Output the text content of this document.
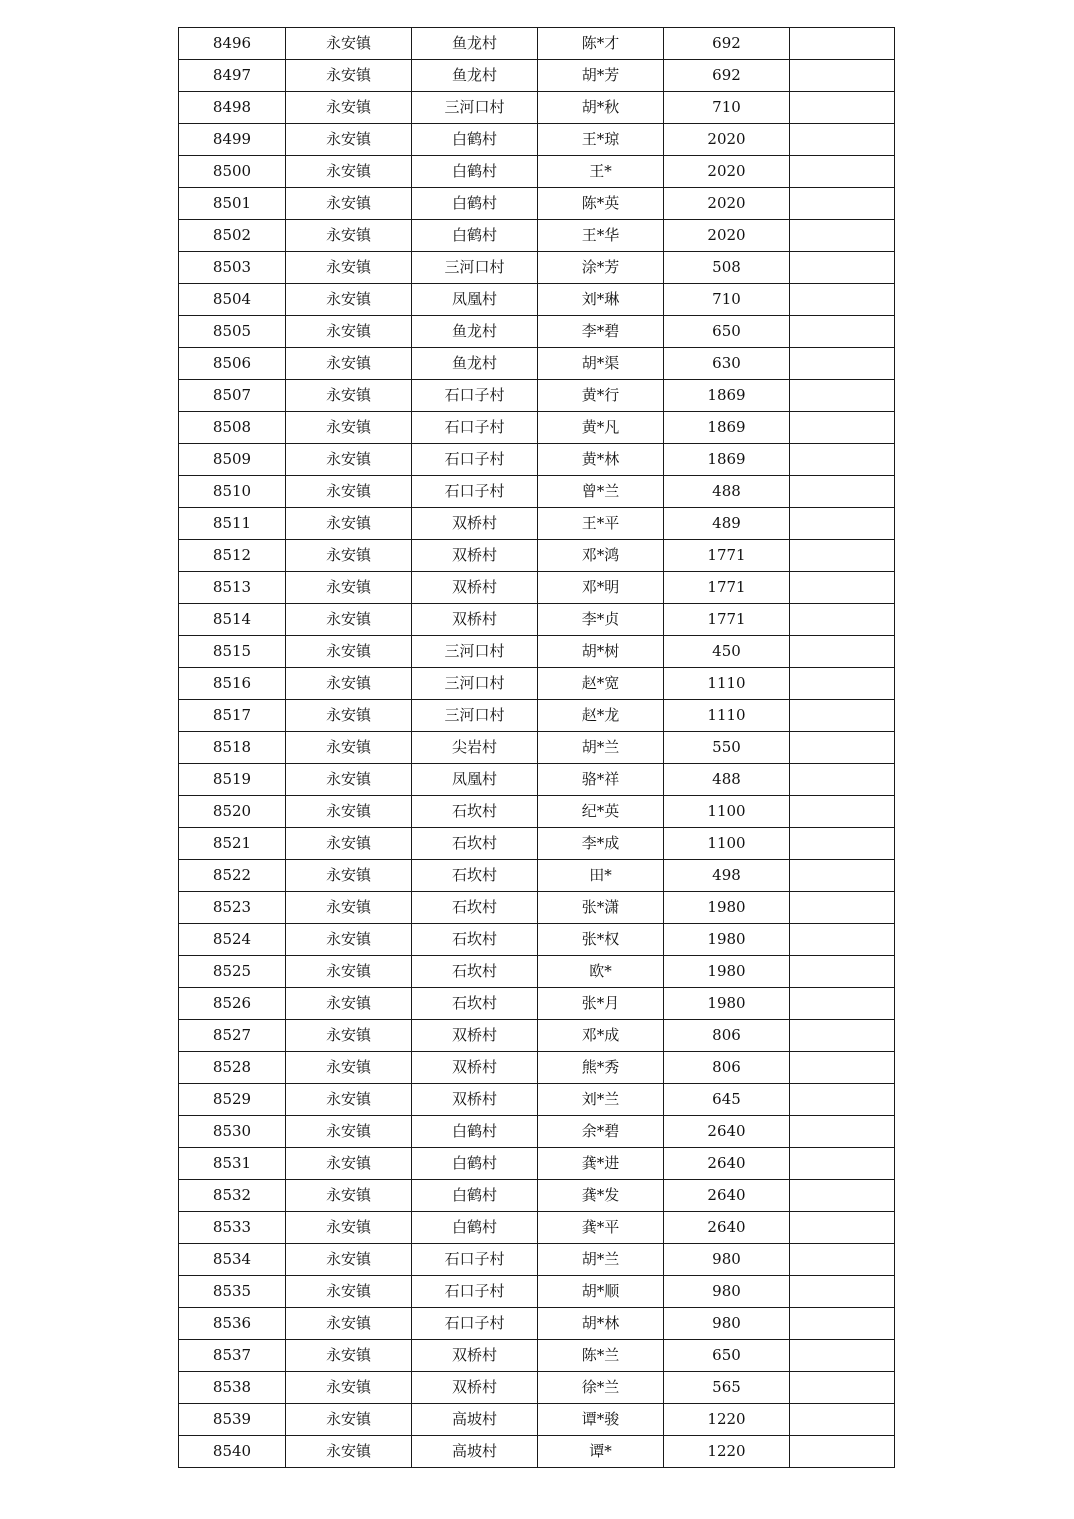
8496	永安镇	鱼龙村	陈*才	692	
8497	永安镇	鱼龙村	胡*芳	692	
8498	永安镇	三河口村	胡*秋	710	
8499	永安镇	白鹤村	王*琼	2020	
8500	永安镇	白鹤村	王*	2020	
8501	永安镇	白鹤村	陈*英	2020	
8502	永安镇	白鹤村	王*华	2020	
8503	永安镇	三河口村	涂*芳	508	
8504	永安镇	凤凰村	刘*琳	710	
8505	永安镇	鱼龙村	李*碧	650	
8506	永安镇	鱼龙村	胡*渠	630	
8507	永安镇	石口子村	黄*行	1869	
8508	永安镇	石口子村	黄*凡	1869	
8509	永安镇	石口子村	黄*林	1869	
8510	永安镇	石口子村	曾*兰	488	
8511	永安镇	双桥村	王*平	489	
8512	永安镇	双桥村	邓*鸿	1771	
8513	永安镇	双桥村	邓*明	1771	
8514	永安镇	双桥村	李*贞	1771	
8515	永安镇	三河口村	胡*树	450	
8516	永安镇	三河口村	赵*宽	1110	
8517	永安镇	三河口村	赵*龙	1110	
8518	永安镇	尖岩村	胡*兰	550	
8519	永安镇	凤凰村	骆*祥	488	
8520	永安镇	石坎村	纪*英	1100	
8521	永安镇	石坎村	李*成	1100	
8522	永安镇	石坎村	田*	498	
8523	永安镇	石坎村	张*潇	1980	
8524	永安镇	石坎村	张*权	1980	
8525	永安镇	石坎村	欧*	1980	
8526	永安镇	石坎村	张*月	1980	
8527	永安镇	双桥村	邓*成	806	
8528	永安镇	双桥村	熊*秀	806	
8529	永安镇	双桥村	刘*兰	645	
8530	永安镇	白鹤村	余*碧	2640	
8531	永安镇	白鹤村	龚*进	2640	
8532	永安镇	白鹤村	龚*发	2640	
8533	永安镇	白鹤村	龚*平	2640	
8534	永安镇	石口子村	胡*兰	980	
8535	永安镇	石口子村	胡*顺	980	
8536	永安镇	石口子村	胡*林	980	
8537	永安镇	双桥村	陈*兰	650	
8538	永安镇	双桥村	徐*兰	565	
8539	永安镇	高坡村	谭*骏	1220	
8540	永安镇	高坡村	谭*	1220	
